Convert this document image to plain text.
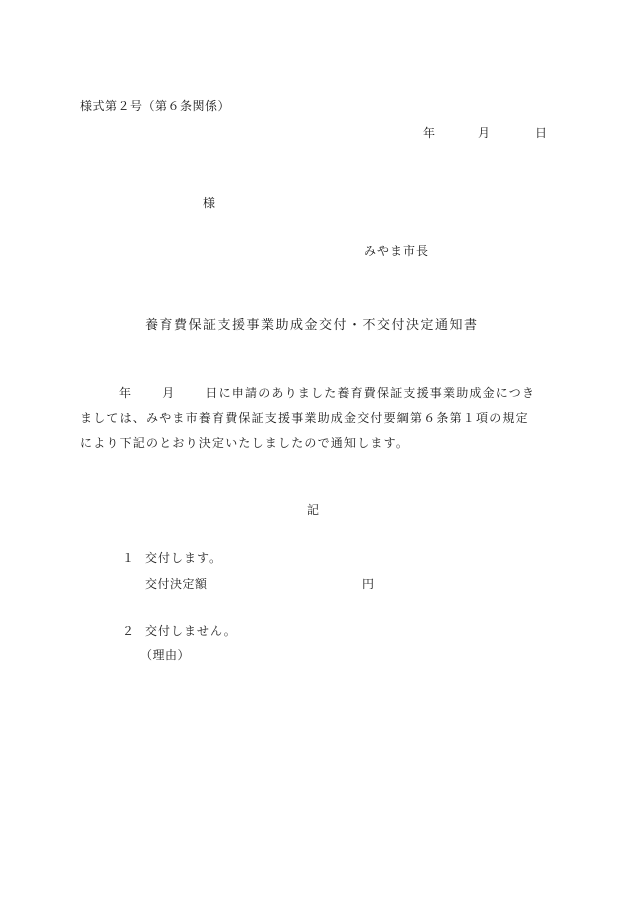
様式第２号（第６条関係）
年	月	日
様
みやま市長
養育費保証支援事業助成金交付・不交付決定通知書
年	月	日に申請のありました養育費保証支援事業助成金につき
ましては、みやま市養育費保証支援事業助成金交付要綱第６条第１項の規定
により下記のとおり決定いたしましたので通知します。
記
１ 交付します。
交付決定額	円
２ 交付しません。
（理由）
